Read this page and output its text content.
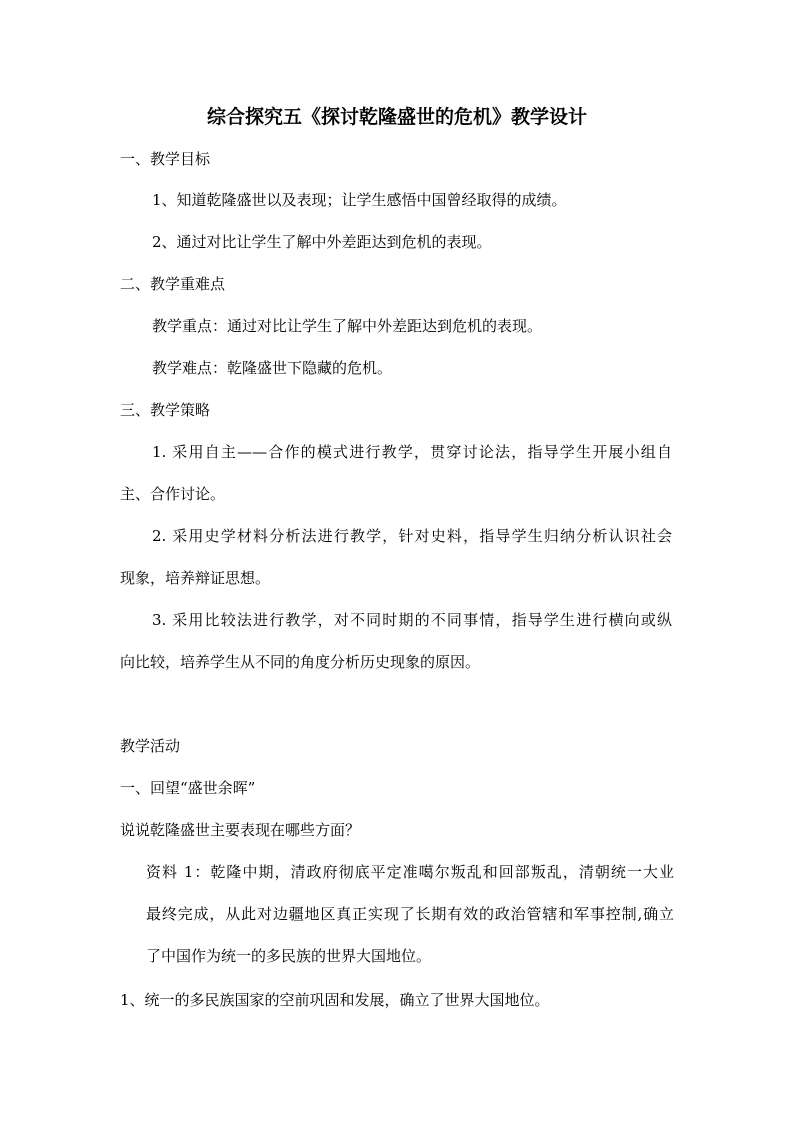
综合探究五《探讨乾隆盛世的危机》教学设计
一、教学目标
1、知道乾隆盛世以及表现；让学生感悟中国曾经取得的成绩。
2、通过对比让学生了解中外差距达到危机的表现。
二、教学重难点
教学重点：通过对比让学生了解中外差距达到危机的表现。
教学难点：乾隆盛世下隐藏的危机。
三、教学策略
1. 采用自主——合作的模式进行教学，贯穿讨论法，指导学生开展小组自
主、合作讨论。
2. 采用史学材料分析法进行教学，针对史料，指导学生归纳分析认识社会
现象，培养辩证思想。
3. 采用比较法进行教学，对不同时期的不同事情，指导学生进行横向或纵
向比较，培养学生从不同的角度分析历史现象的原因。
教学活动
一、回望“盛世余晖”
说说乾隆盛世主要表现在哪些方面？
资料 1：乾隆中期，清政府彻底平定准噶尔叛乱和回部叛乱，清朝统一大业
最终完成，从此对边疆地区真正实现了长期有效的政治管辖和军事控制,确立
了中国作为统一的多民族的世界大国地位。
1、统一的多民族国家的空前巩固和发展，确立了世界大国地位。
